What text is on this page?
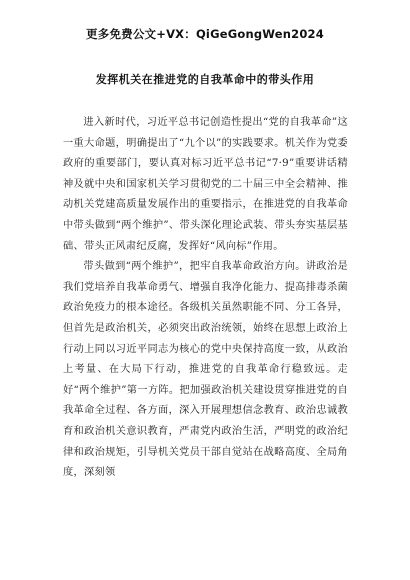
更多免费公文+VX：QiGeGongWen2024
发挥机关在推进党的自我革命中的带头作用

进入新时代，习近平总书记创造性提出“党的自我革命”这一重大命题，明确提出了“九个以”的实践要求。机关作为党委政府的重要部门，要认真对标习近平总书记“7·9”重要讲话精神及就中央和国家机关学习贯彻党的二十届三中全会精神、推动机关党建高质量发展作出的重要指示，在推进党的自我革命中带头做到“两个维护”、带头深化理论武装、带头夯实基层基础、带头正风肃纪反腐，发挥好“风向标”作用。

带头做到“两个维护”，把牢自我革命政治方向。讲政治是我们党培养自我革命勇气、增强自我净化能力、提高排毒杀菌政治免疫力的根本途径。各级机关虽然职能不同、分工各异，但首先是政治机关，必须突出政治统领，始终在思想上政治上行动上同以习近平同志为核心的党中央保持高度一致，从政治上考量、在大局下行动，推进党的自我革命行稳致远。走好“两个维护”第一方阵。把加强政治机关建设贯穿推进党的自我革命全过程、各方面，深入开展理想信念教育、政治忠诚教育和政治机关意识教育，严肃党内政治生活，严明党的政治纪律和政治规矩，引导机关党员干部自觉站在战略高度、全局角度，深刻领
